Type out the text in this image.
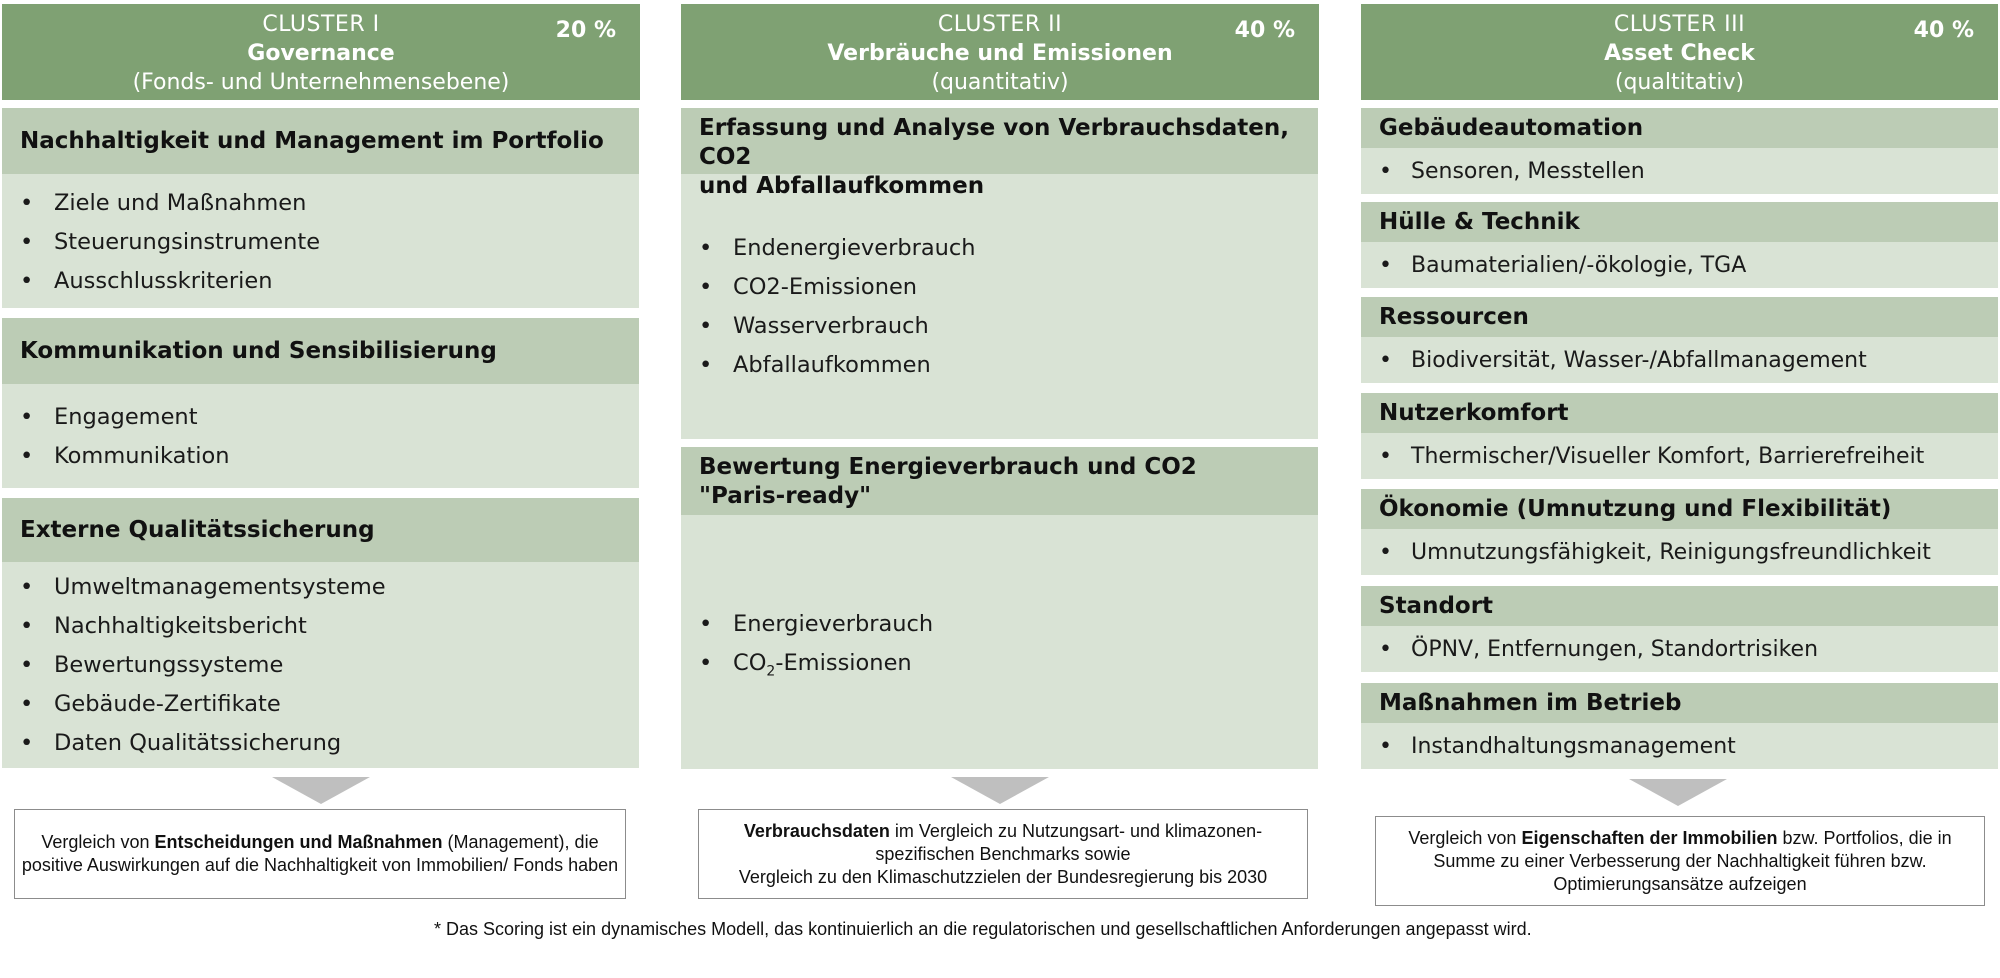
CLUSTER I
Governance
(Fonds- und Unternehmensebene)
20 %
Nachhaltigkeit und Management im Portfolio
• Ziele und Maßnahmen
• Steuerungsinstrumente
• Ausschlusskriterien
Kommunikation und Sensibilisierung
• Engagement
• Kommunikation
Externe Qualitätssicherung
• Umweltmanagementsysteme
• Nachhaltigkeitsbericht
• Bewertungssysteme
• Gebäude-Zertifikate
• Daten Qualitätssicherung
Vergleich von Entscheidungen und Maßnahmen (Management), die positive Auswirkungen auf die Nachhaltigkeit von Immobilien/ Fonds haben
CLUSTER II
Verbräuche und Emissionen
(quantitativ)
40 %
Erfassung und Analyse von Verbrauchsdaten, CO2
und Abfallaufkommen
• Endenergieverbrauch
• CO2-Emissionen
• Wasserverbrauch
• Abfallaufkommen
Bewertung Energieverbrauch und CO2
"Paris-ready"
• Energieverbrauch
• $CO_2$-Emissionen
Verbrauchsdaten im Vergleich zu Nutzungsart- und klimazonen-
spezifischen Benchmarks sowie
Vergleich zu den Klimaschutzzielen der Bundesregierung bis 2030
CLUSTER III
Asset Check
(qualtitativ)
40 %
Gebäudeautomation
• Sensoren, Messtellen
Hülle & Technik
• Baumaterialien/-ökologie, TGA
Ressourcen
• Biodiversität, Wasser-/Abfallmanagement
Nutzerkomfort
• Thermischer/Visueller Komfort, Barrierefreiheit
Ökonomie (Umnutzung und Flexibilität)
• Umnutzungsfähigkeit, Reinigungsfreundlichkeit
Standort
• ÖPNV, Entfernungen, Standortrisiken
Maßnahmen im Betrieb
• Instandhaltungsmanagement
Vergleich von Eigenschaften der Immobilien bzw. Portfolios, die in Summe zu einer Verbesserung der Nachhaltigkeit führen bzw. Optimierungsansätze aufzeigen
* Das Scoring ist ein dynamisches Modell, das kontinuierlich an die regulatorischen und gesellschaftlichen Anforderungen angepasst wird.
